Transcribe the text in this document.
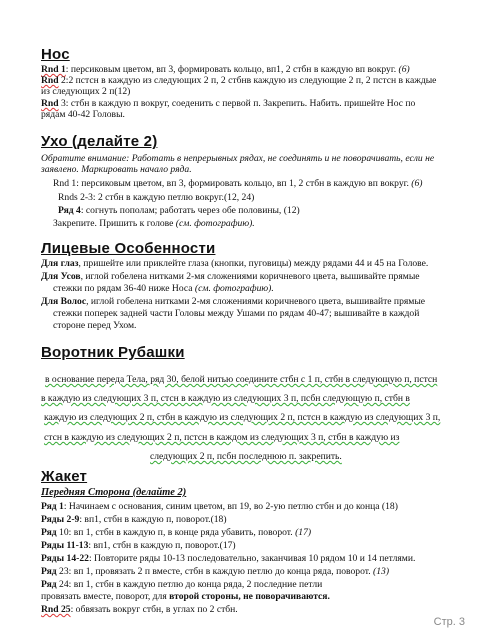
Нос
Rnd 1: персиковым цветом, вп 3, формировать кольцо, вп1, 2 стбн в каждую вп вокруг. (6)
Rnd 2:2 пстсн в каждую из следующих 2 п, 2 стбнв каждую из следующие 2 п, 2 пстсн в каждые
из следующих 2 п(12)
Rnd 3: стбн в каждую п вокруг, соеденить с первой п. Закрепить. Набить. пришейте Нос по
рядам 40-42 Головы.
Ухо (делайте 2)
Обратите внимание: Работать в непрерывных рядах, не соединять и не поворачивать, если не
заявлено. Маркировать начало ряда.
Rnd 1: персиковым цветом, вп 3, формировать кольцо, вп 1, 2 стбн в каждую вп вокруг. (6)
Rnds 2-3: 2 стбн в каждую петлю вокруг.(12, 24)
Ряд 4: согнуть пополам; работать через обе половины, (12)
Закрепите. Пришить к голове (см. фотографию).
Лицевые Особенности
Для глаз, пришейте или приклейте глаза (кнопки, пуговицы) между рядами 44 и 45 на Голове.
Для Усов, иглой гобелена нитками 2-мя сложениями коричневого цвета, вышивайте прямые
стежки по рядам 36-40 ниже Носа (см. фотографию).
Для Волос, иглой гобелена нитками 2-мя сложениями коричневого цвета, вышивайте прямые
стежки поперек задней части Головы между Ушами по рядам 40-47; вышивайте в каждой
стороне перед Ухом.
Воротник Рубашки
в основание переда Тела, ряд 30, белой нитью соедините стбн с 1 п, стбн в следующую п, пстсн
в каждую из следующих 3 п, стсн в каждую из следующих 3 п, псбн следующую п, стбн в
каждую из следующих 2 п, стбн в каждую из следующих 2 п, пстсн в каждую из следующих 3 п,
стсн в каждую из следующих 2 п, пстсн в каждом из следующих 3 п, стбн в каждую из
следующих 2 п, псбн последнюю п. закрепить.
Жакет
Передняя Сторона (делайте 2)
Ряд 1: Начинаем с основания, синим цветом, вп 19, во 2-ую петлю стбн и до конца (18)
Ряды 2-9: вп1, стбн в каждую п, поворот.(18)
Ряд 10: вп 1, стбн в каждую п, в конце ряда убавить, поворот. (17)
Ряды 11-13: вп1, стбн в каждую п, поворот.(17)
Ряды 14-22: Повторите ряды 10-13 последовательно, заканчивая 10 рядом 10 и 14 петлями.
Ряд 23: вп 1, провязать 2 п вместе, стбн в каждую петлю до конца ряда, поворот. (13)
Ряд 24: вп 1, стбн в каждую петлю до конца ряда, 2 последние петли
провязать вместе, поворот, для второй стороны, не поворачиваются.
Rnd 25: обвязать вокруг стбн, в углах по 2 стбн.
Стр. 3
